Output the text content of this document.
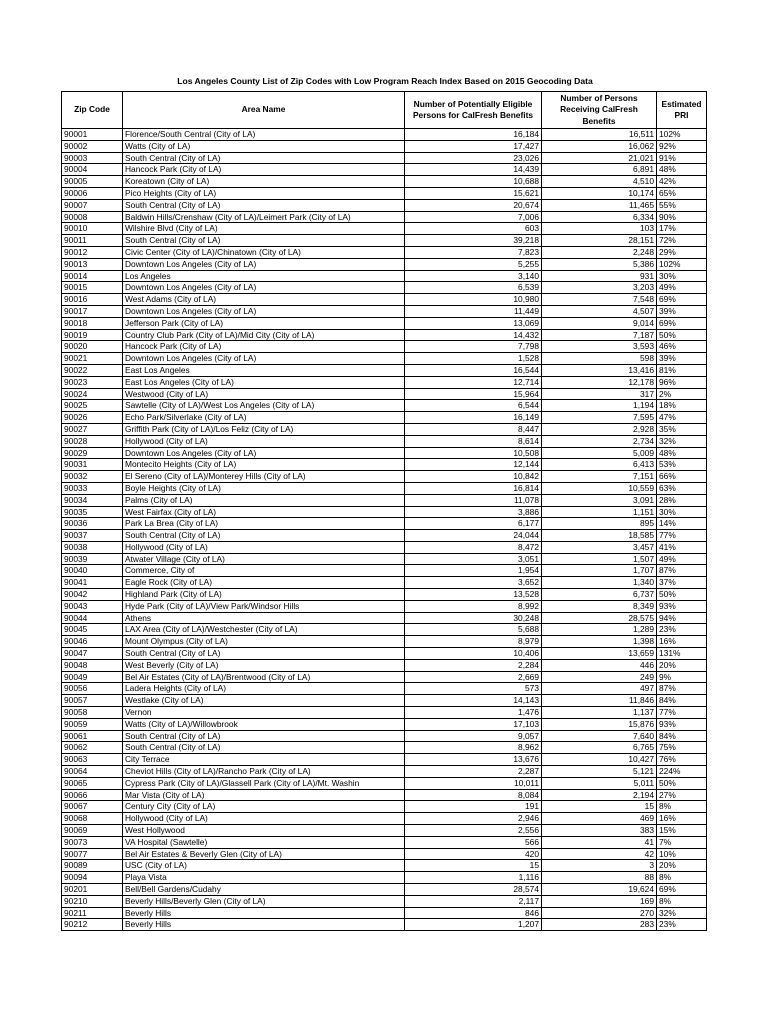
Los Angeles County List of Zip Codes with Low Program Reach Index Based on 2015 Geocoding Data
Zip Code	Area Name	Number of Potentially Eligible Persons for CalFresh Benefits	Number of Persons Receiving CalFresh Benefits	Estimated PRI
90001	Florence/South Central (City of LA)	16,184	16,511	102%
90002	Watts (City of LA)	17,427	16,062	92%
90003	South Central (City of LA)	23,026	21,021	91%
90004	Hancock Park (City of LA)	14,439	6,891	48%
90005	Koreatown (City of LA)	10,688	4,510	42%
90006	Pico Heights (City of LA)	15,621	10,174	65%
90007	South Central (City of LA)	20,674	11,465	55%
90008	Baldwin Hills/Crenshaw (City of LA)/Leimert Park (City of LA)	7,006	6,334	90%
90010	Wilshire Blvd (City of LA)	603	103	17%
90011	South Central (City of LA)	39,218	28,151	72%
90012	Civic Center (City of LA)/Chinatown (City of LA)	7,823	2,248	29%
90013	Downtown Los Angeles (City of LA)	5,255	5,386	102%
90014	Los Angeles	3,140	931	30%
90015	Downtown Los Angeles (City of LA)	6,539	3,203	49%
90016	West Adams (City of LA)	10,980	7,548	69%
90017	Downtown Los Angeles (City of LA)	11,449	4,507	39%
90018	Jefferson Park (City of LA)	13,069	9,014	69%
90019	Country Club Park (City of LA)/Mid City (City of LA)	14,432	7,187	50%
90020	Hancock Park (City of LA)	7,798	3,593	46%
90021	Downtown Los Angeles (City of LA)	1,528	598	39%
90022	East Los Angeles	16,544	13,416	81%
90023	East Los Angeles (City of LA)	12,714	12,178	96%
90024	Westwood (City of LA)	15,964	317	2%
90025	Sawtelle (City of LA)/West Los Angeles (City of LA)	6,544	1,194	18%
90026	Echo Park/Silverlake (City of LA)	16,149	7,595	47%
90027	Griffith Park (City of LA)/Los Feliz (City of LA)	8,447	2,928	35%
90028	Hollywood (City of LA)	8,614	2,734	32%
90029	Downtown Los Angeles (City of LA)	10,508	5,009	48%
90031	Montecito Heights (City of LA)	12,144	6,413	53%
90032	El Sereno (City of LA)/Monterey Hills (City of LA)	10,842	7,151	66%
90033	Boyle Heights (City of LA)	16,814	10,559	63%
90034	Palms (City of LA)	11,078	3,091	28%
90035	West Fairfax (City of LA)	3,886	1,151	30%
90036	Park La Brea (City of LA)	6,177	895	14%
90037	South Central (City of LA)	24,044	18,585	77%
90038	Hollywood (City of LA)	8,472	3,457	41%
90039	Atwater Village (City of LA)	3,051	1,507	49%
90040	Commerce, City of	1,954	1,707	87%
90041	Eagle Rock (City of LA)	3,652	1,340	37%
90042	Highland Park (City of LA)	13,528	6,737	50%
90043	Hyde Park (City of LA)/View Park/Windsor Hills	8,992	8,349	93%
90044	Athens	30,248	28,575	94%
90045	LAX Area (City of LA)/Westchester (City of LA)	5,688	1,289	23%
90046	Mount Olympus (City of LA)	8,979	1,398	16%
90047	South Central (City of LA)	10,406	13,659	131%
90048	West Beverly (City of LA)	2,284	446	20%
90049	Bel Air Estates (City of LA)/Brentwood (City of LA)	2,669	249	9%
90056	Ladera Heights (City of LA)	573	497	87%
90057	Westlake (City of LA)	14,143	11,846	84%
90058	Vernon	1,476	1,137	77%
90059	Watts (City of LA)/Willowbrook	17,103	15,876	93%
90061	South Central (City of LA)	9,057	7,640	84%
90062	South Central (City of LA)	8,962	6,765	75%
90063	City Terrace	13,676	10,427	76%
90064	Cheviot Hills (City of LA)/Rancho Park (City of LA)	2,287	5,121	224%
90065	Cypress Park (City of LA)/Glassell Park (City of LA)/Mt. Washin	10,011	5,011	50%
90066	Mar Vista (City of LA)	8,084	2,194	27%
90067	Century City (City of LA)	191	15	8%
90068	Hollywood (City of LA)	2,946	469	16%
90069	West Hollywood	2,556	383	15%
90073	VA Hospital (Sawtelle)	566	41	7%
90077	Bel Air Estates & Beverly Glen (City of LA)	420	42	10%
90089	USC (City of LA)	15	3	20%
90094	Playa Vista	1,116	88	8%
90201	Bell/Bell Gardens/Cudahy	28,574	19,624	69%
90210	Beverly Hills/Beverly Glen (City of LA)	2,117	169	8%
90211	Beverly Hills	846	270	32%
90212	Beverly Hills	1,207	283	23%
